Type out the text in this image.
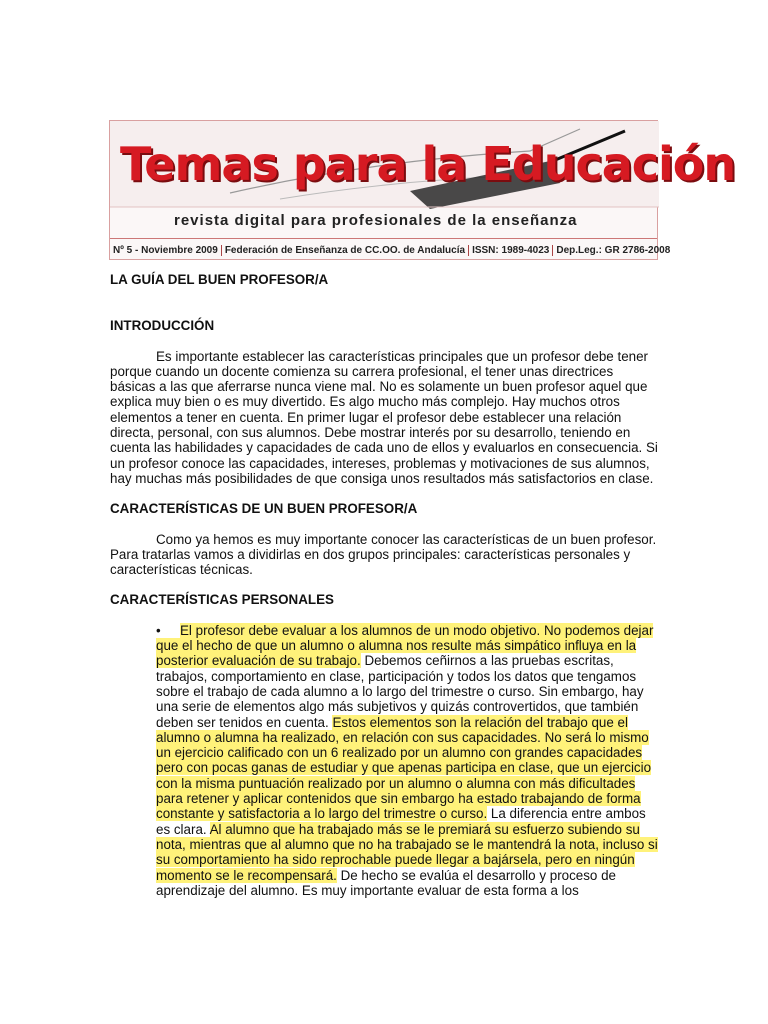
Temas para la Educación
revista digital para profesionales de la enseñanza
Nº 5 - Noviembre 2009 Federación de Enseñanza de CC.OO. de Andalucía ISSN: 1989-4023 Dep.Leg.: GR 2786-2008
LA GUÍA DEL BUEN PROFESOR/A
INTRODUCCIÓN

Es importante establecer las características principales que un profesor debe tener porque cuando un docente comienza su carrera profesional, el tener unas directrices básicas a las que aferrarse nunca viene mal. No es solamente un buen profesor aquel que explica muy bien o es muy divertido. Es algo mucho más complejo. Hay muchos otros elementos a tener en cuenta. En primer lugar el profesor debe establecer una relación directa, personal, con sus alumnos. Debe mostrar interés por su desarrollo, teniendo en cuenta las habilidades y capacidades de cada uno de ellos y evaluarlos en consecuencia. Si un profesor conoce las capacidades, intereses, problemas y motivaciones de sus alumnos, hay muchas más posibilidades de que consiga unos resultados más satisfactorios en clase.

CARACTERÍSTICAS DE UN BUEN PROFESOR/A

Como ya hemos es muy importante conocer las características de un buen profesor. Para tratarlas vamos a dividirlas en dos grupos principales: características personales y características técnicas.

CARACTERÍSTICAS PERSONALES
•	El profesor debe evaluar a los alumnos de un modo objetivo. No podemos dejar que el hecho de que un alumno o alumna nos resulte más simpático influya en la posterior evaluación de su trabajo. Debemos ceñirnos a las pruebas escritas, trabajos, comportamiento en clase, participación y todos los datos que tengamos sobre el trabajo de cada alumno a lo largo del trimestre o curso. Sin embargo, hay una serie de elementos algo más subjetivos y quizás controvertidos, que también deben ser tenidos en cuenta. Estos elementos son la relación del trabajo que el alumno o alumna ha realizado, en relación con sus capacidades. No será lo mismo un ejercicio calificado con un 6 realizado por un alumno con grandes capacidades pero con pocas ganas de estudiar y que apenas participa en clase, que un ejercicio con la misma puntuación realizado por un alumno o alumna con más dificultades para retener y aplicar contenidos que sin embargo ha estado trabajando de forma constante y satisfactoria a lo largo del trimestre o curso. La diferencia entre ambos es clara. Al alumno que ha trabajado más se le premiará su esfuerzo subiendo su nota, mientras que al alumno que no ha trabajado se le mantendrá la nota, incluso si su comportamiento ha sido reprochable puede llegar a bajársela, pero en ningún momento se le recompensará. De hecho se evalúa el desarrollo y proceso de aprendizaje del alumno. Es muy importante evaluar de esta forma a los
